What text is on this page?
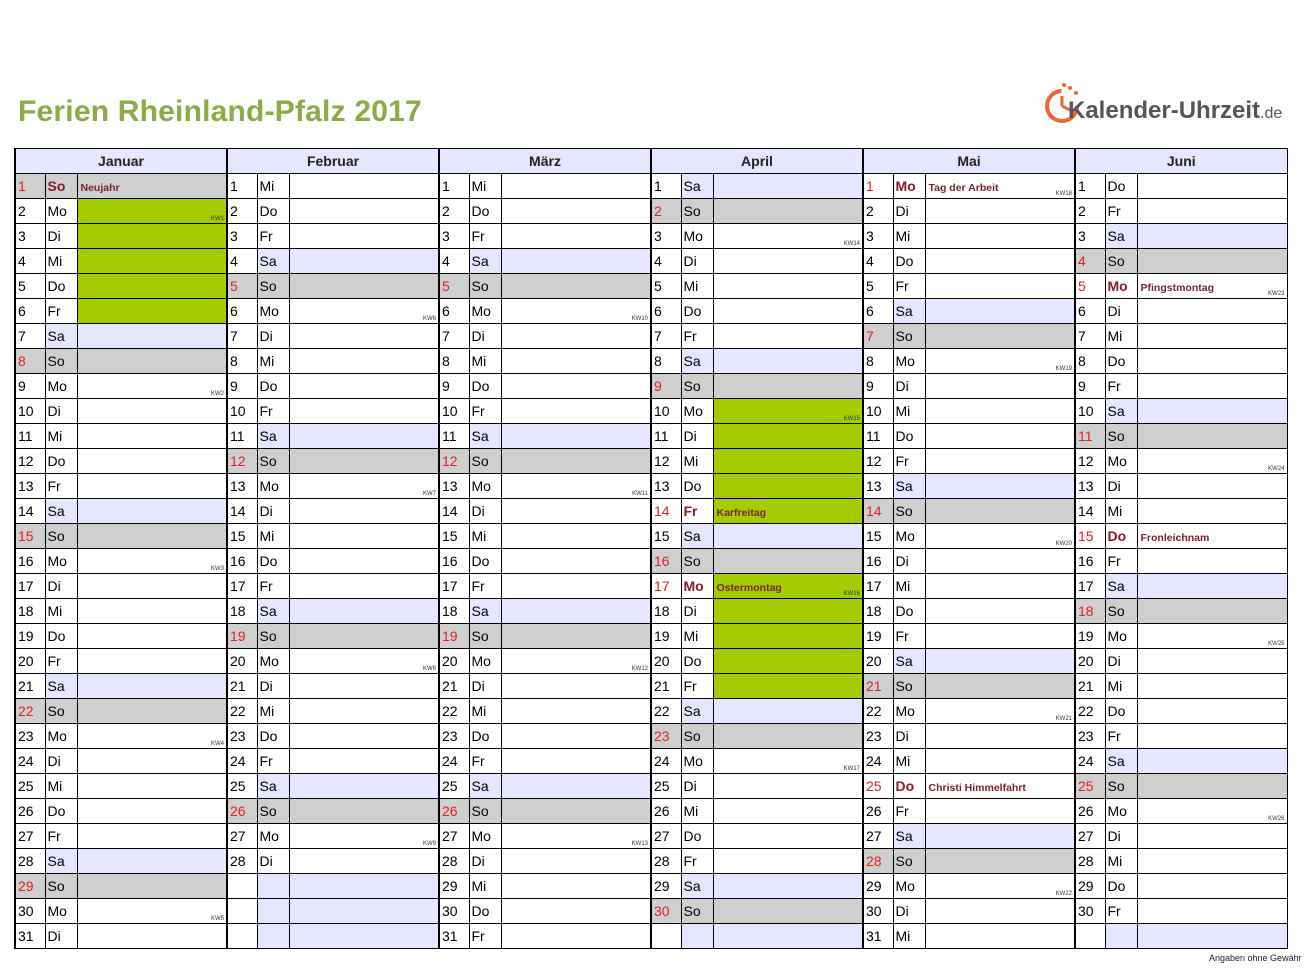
Ferien Rheinland-Pfalz 2017	Kalender-Uhrzeit.de
Januar			Februar			März			April			Mai			Juni		
1	So	Neujahr	1	Mi		1	Mi		1	Sa		1	Mo	Tag der Arbeit KW18	1	Do	
2	Mo	KW1	2	Do		2	Do		2	So		2	Di		2	Fr	
3	Di		3	Fr		3	Fr		3	Mo	KW14	3	Mi		3	Sa	
4	Mi		4	Sa		4	Sa		4	Di		4	Do		4	So	
5	Do		5	So		5	So		5	Mi		5	Fr		5	Mo	Pfingstmontag KW23

6	Fr		6	Mo	KW6	6	Mo	KW10	6	Do		6	Sa		6	Di	
7	Sa		7	Di		7	Di		7	Fr		7	So		7	Mi	
8	So		8	Mi		8	Mi		8	Sa		8	Mo	KW19	8	Do	
9	Mo	KW2	9	Do		9	Do		9	So		9	Di		9	Fr	
10	Di		10	Fr		10	Fr		10	Mo	KW15	10	Mi		10	Sa	
11	Mi		11	Sa		11	Sa		11	Di		11	Do		11	So	
12	Do		12	So		12	So		12	Mi		12	Fr		12	Mo	KW24

13	Fr		13	Mo	KW7	13	Mo	KW11	13	Do		13	Sa		13	Di	
14	Sa		14	Di		14	Di		14	Fr	Karfreitag	14	So		14	Mi	
15	So		15	Mi		15	Mi		15	Sa		15	Mo	KW20	15	Do	Fronleichnam

16	Mo	KW3	16	Do		16	Do		16	So		16	Di		16	Fr	
17	Di		17	Fr		17	Fr		17	Mo	Ostermontag KW16	17	Mi		17	Sa	
18	Mi		18	Sa		18	Sa		18	Di		18	Do		18	So	
19	Do		19	So		19	So		19	Mi		19	Fr		19	Mo	KW25

20	Fr		20	Mo	KW8	20	Mo	KW12	20	Do		20	Sa		20	Di	
21	Sa		21	Di		21	Di		21	Fr		21	So		21	Mi	
22	So		22	Mi		22	Mi		22	Sa		22	Mo	KW21	22	Do	
23	Mo	KW4	23	Do		23	Do		23	So		23	Di		23	Fr	
24	Di		24	Fr		24	Fr		24	Mo	KW17	24	Mi		24	Sa	
25	Mi		25	Sa		25	Sa		25	Di		25	Do	Christi Himmelfahrt	25	So	
26	Do		26	So		26	So		26	Mi		26	Fr		26	Mo	KW26

27	Fr		27	Mo	KW9	27	Mo	KW13	27	Do		27	Sa		27	Di	
28	Sa		28	Di		28	Di		28	Fr		28	So		28	Mi	
29	So					29	Mi		29	Sa		29	Mo	KW22	29	Do	
30	Mo	KW5				30	Do		30	So		30	Di		30	Fr	
31	Di					31	Fr					31	Mi				
Angaben ohne Gewähr
